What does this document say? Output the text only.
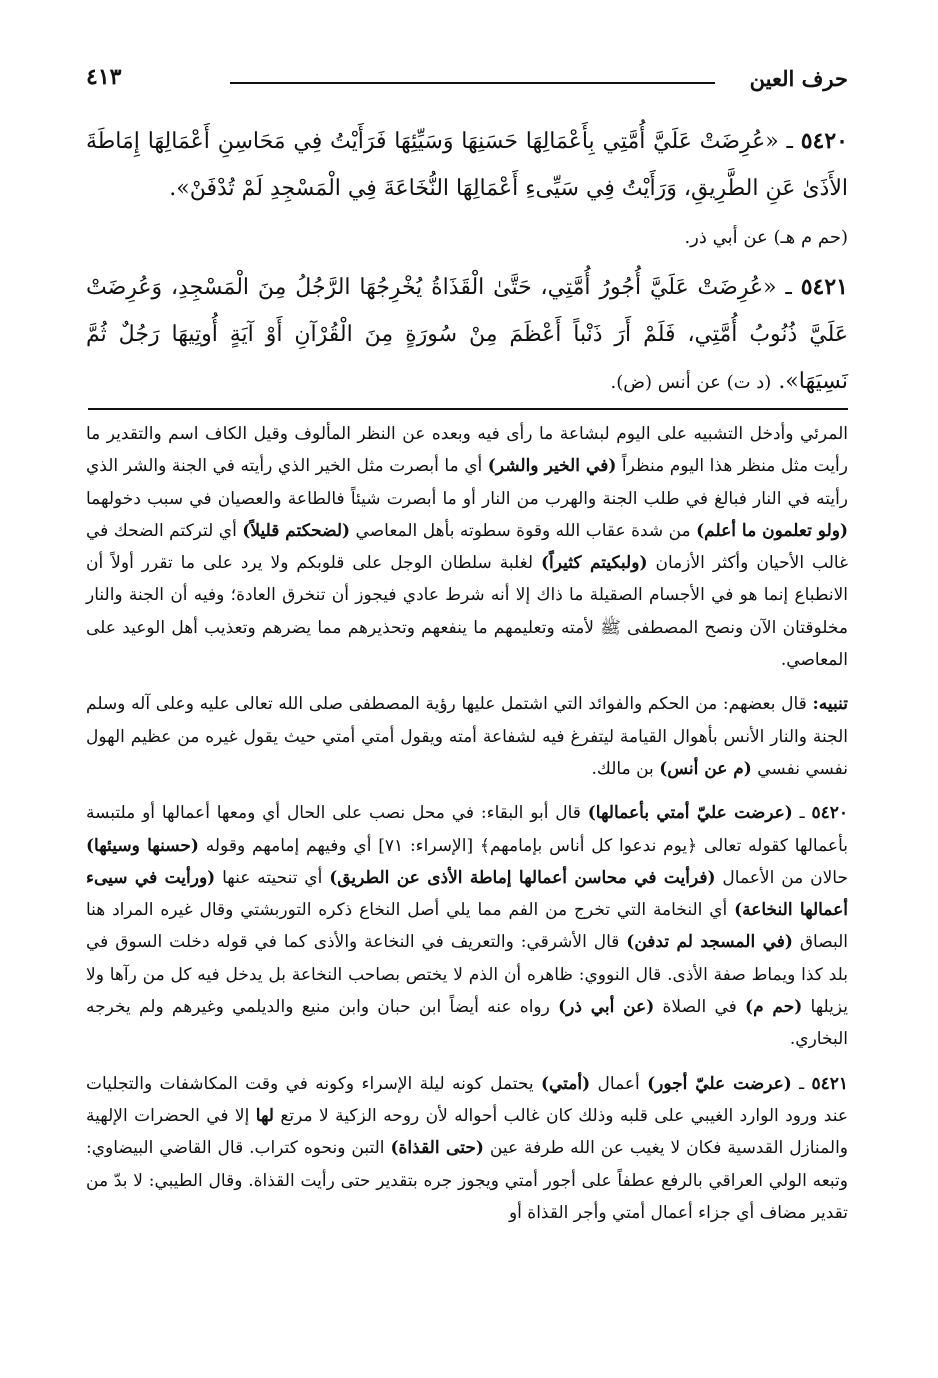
حرف العين
٤١٣

٥٤٢٠ ـ «عُرِضَتْ عَلَيَّ أُمَّتِي بِأَعْمَالِهَا حَسَنِهَا وَسَيِّئِهَا فَرَأَيْتُ فِي مَحَاسِنِ أَعْمَالِهَا إِمَاطَةَ الأَذَىٰ عَنِ الطَّرِيقِ، وَرَأَيْتُ فِي سَيِّىءِ أَعْمَالِهَا النُّخَاعَةَ فِي الْمَسْجِدِ لَمْ تُدْفَنْ».

(حم م هـ) عن أبي ذر.

٥٤٢١ ـ «عُرِضَتْ عَلَيَّ أُجُورُ أُمَّتِي، حَتَّىٰ الْقَذَاةُ يُخْرِجُهَا الرَّجُلُ مِنَ الْمَسْجِدِ، وَعُرِضَتْ عَلَيَّ ذُنُوبُ أُمَّتِي، فَلَمْ أَرَ ذَنْباً أَعْظَمَ مِنْ سُورَةٍ مِنَ الْقُرْآنِ أَوْ آيَةٍ أُوتِيهَا رَجُلٌ ثُمَّ نَسِيَهَا». (د ت) عن أنس (ض).

المرئي وأدخل التشبيه على اليوم لبشاعة ما رأى فيه وبعده عن النظر المألوف وقيل الكاف اسم والتقدير ما رأيت مثل منظر هذا اليوم منظراً (في الخير والشر) أي ما أبصرت مثل الخير الذي رأيته في الجنة والشر الذي رأيته في النار فبالغ في طلب الجنة والهرب من النار أو ما أبصرت شيئاً فالطاعة والعصيان في سبب دخولهما (ولو تعلمون ما أعلم) من شدة عقاب الله وقوة سطوته بأهل المعاصي (لضحكتم قليلاً) أي لتركتم الضحك في غالب الأحيان وأكثر الأزمان (ولبكيتم كثيراً) لغلبة سلطان الوجل على قلوبكم ولا يرد على ما تقرر أولاً أن الانطباع إنما هو في الأجسام الصقيلة ما ذاك إلا أنه شرط عادي فيجوز أن تنخرق العادة؛ وفيه أن الجنة والنار مخلوقتان الآن ونصح المصطفى ﷺ لأمته وتعليمهم ما ينفعهم وتحذيرهم مما يضرهم وتعذيب أهل الوعيد على المعاصي.

تنبيه: قال بعضهم: من الحكم والفوائد التي اشتمل عليها رؤية المصطفى صلى الله تعالى عليه وعلى آله وسلم الجنة والنار الأنس بأهوال القيامة ليتفرغ فيه لشفاعة أمته ويقول أمتي أمتي حيث يقول غيره من عظيم الهول نفسي نفسي (م عن أنس) بن مالك.

٥٤٢٠ ـ (عرضت عليّ أمتي بأعمالها) قال أبو البقاء: في محل نصب على الحال أي ومعها أعمالها أو ملتبسة بأعمالها كقوله تعالى ﴿يوم ندعوا كل أناس بإمامهم﴾ [الإسراء: ٧١] أي وفيهم إمامهم وقوله (حسنها وسيئها) حالان من الأعمال (فرأيت في محاسن أعمالها إماطة الأذى عن الطريق) أي تنحيته عنها (ورأيت في سيىء أعمالها النخاعة) أي النخامة التي تخرج من الفم مما يلي أصل النخاع ذكره التوربشتي وقال غيره المراد هنا البصاق (في المسجد لم تدفن) قال الأشرقي: والتعريف في النخاعة والأذى كما في قوله دخلت السوق في بلد كذا ويماط صفة الأذى. قال النووي: ظاهره أن الذم لا يختص بصاحب النخاعة بل يدخل فيه كل من رآها ولا يزيلها (حم م) في الصلاة (عن أبي ذر) رواه عنه أيضاً ابن حبان وابن منيع والديلمي وغيرهم ولم يخرجه البخاري.

٥٤٢١ ـ (عرضت عليّ أجور) أعمال (أمتي) يحتمل كونه ليلة الإسراء وكونه في وقت المكاشفات والتجليات عند ورود الوارد الغيبي على قلبه وذلك كان غالب أحواله لأن روحه الزكية لا مرتع لها إلا في الحضرات الإلهية والمنازل القدسية فكان لا يغيب عن الله طرفة عين (حتى القذاة) التبن ونحوه كتراب. قال القاضي البيضاوي: وتبعه الولي العراقي بالرفع عطفاً على أجور أمتي ويجوز جره بتقدير حتى رأيت القذاة. وقال الطيبي: لا بدّ من تقدير مضاف أي جزاء أعمال أمتي وأجر القذاة أو
